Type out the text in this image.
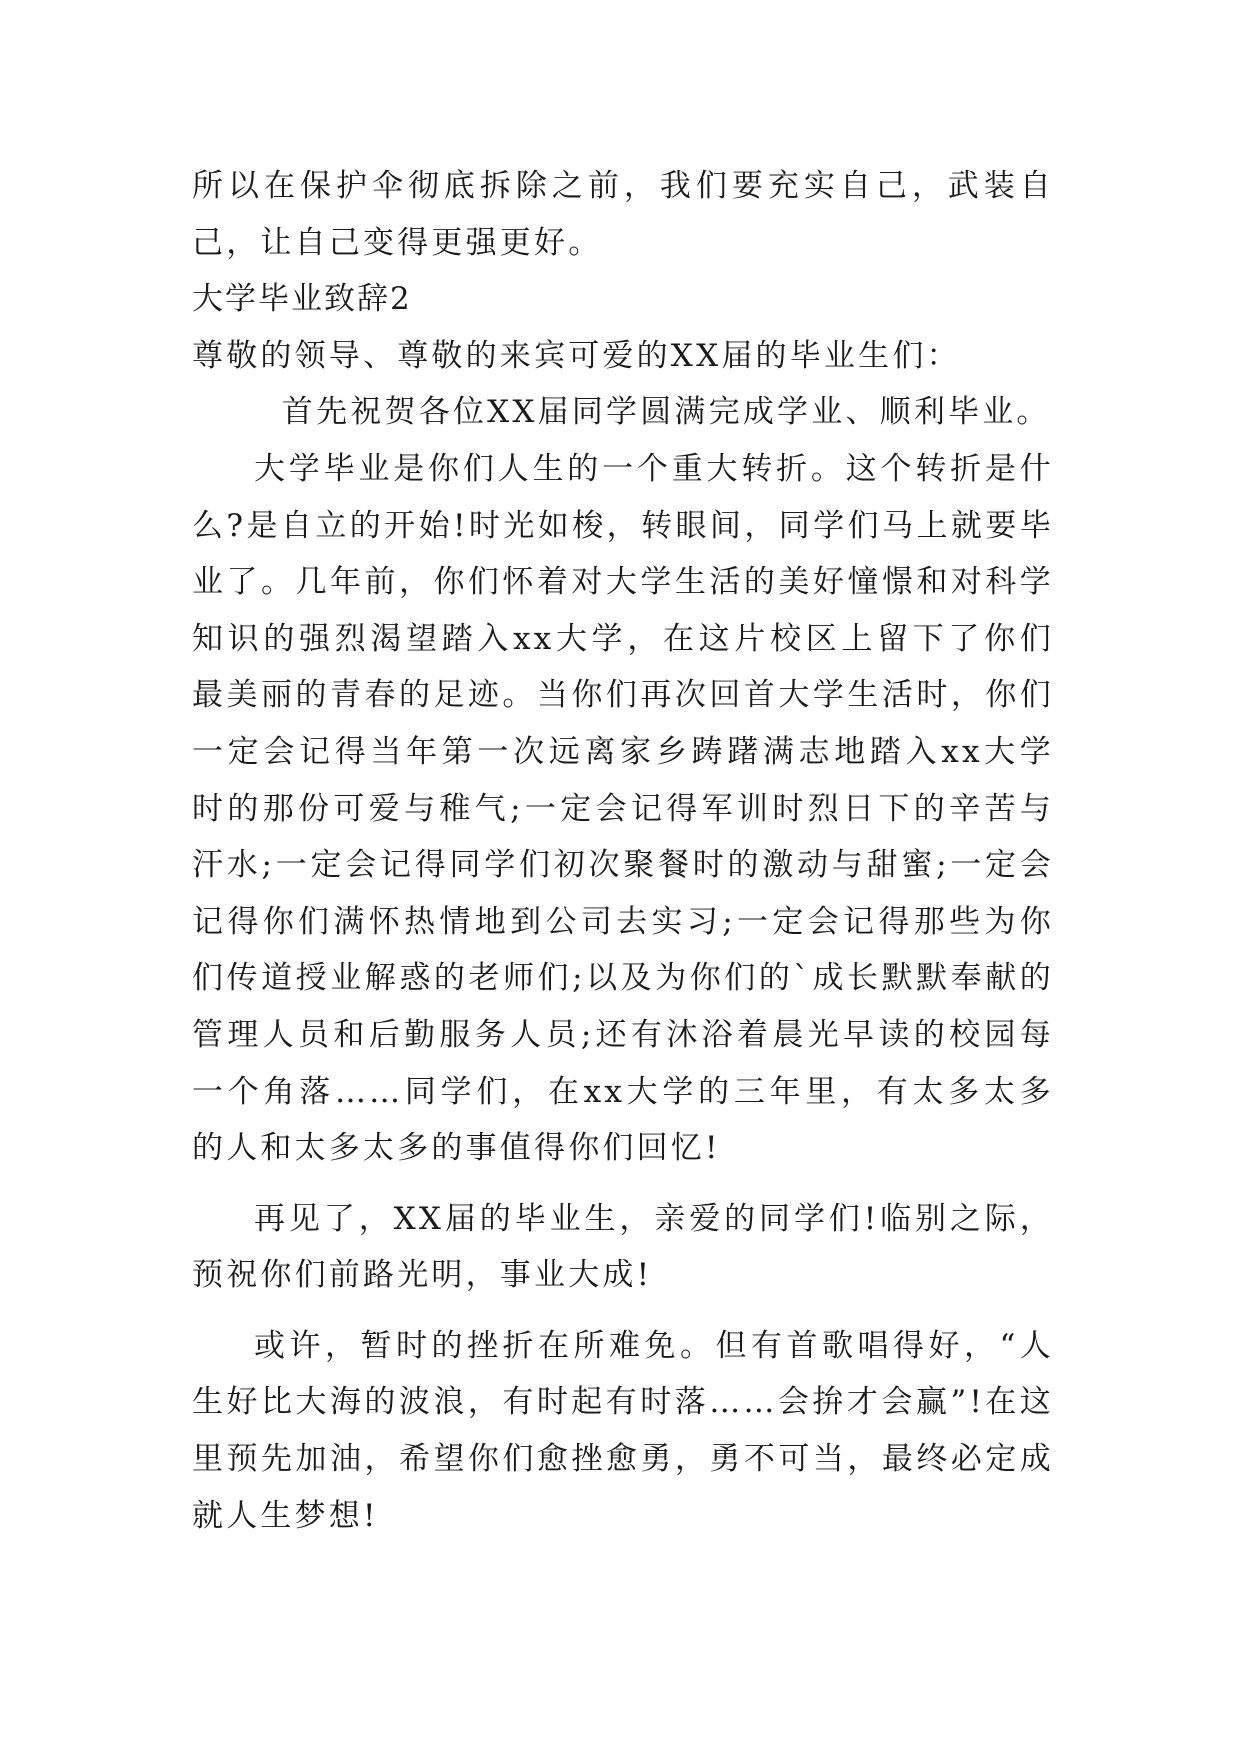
所以在保护伞彻底拆除之前，我们要充实自己，武装自己，让自己变得更强更好。

大学毕业致辞2

尊敬的领导、尊敬的来宾可爱的XX届的毕业生们：

首先祝贺各位XX届同学圆满完成学业、顺利毕业。

大学毕业是你们人生的一个重大转折。这个转折是什么?是自立的开始!时光如梭，转眼间，同学们马上就要毕业了。几年前，你们怀着对大学生活的美好憧憬和对科学知识的强烈渴望踏入xx大学，在这片校区上留下了你们最美丽的青春的足迹。当你们再次回首大学生活时，你们一定会记得当年第一次远离家乡踌躇满志地踏入xx大学时的那份可爱与稚气;一定会记得军训时烈日下的辛苦与汗水;一定会记得同学们初次聚餐时的激动与甜蜜;一定会记得你们满怀热情地到公司去实习;一定会记得那些为你们传道授业解惑的老师们;以及为你们的`成长默默奉献的管理人员和后勤服务人员;还有沐浴着晨光早读的校园每一个角落……同学们，在xx大学的三年里，有太多太多的人和太多太多的事值得你们回忆!

再见了，XX届的毕业生，亲爱的同学们!临别之际，预祝你们前路光明，事业大成!

或许，暂时的挫折在所难免。但有首歌唱得好，“人生好比大海的波浪，有时起有时落……会拚才会赢”!在这里预先加油，希望你们愈挫愈勇，勇不可当，最终必定成就人生梦想!
